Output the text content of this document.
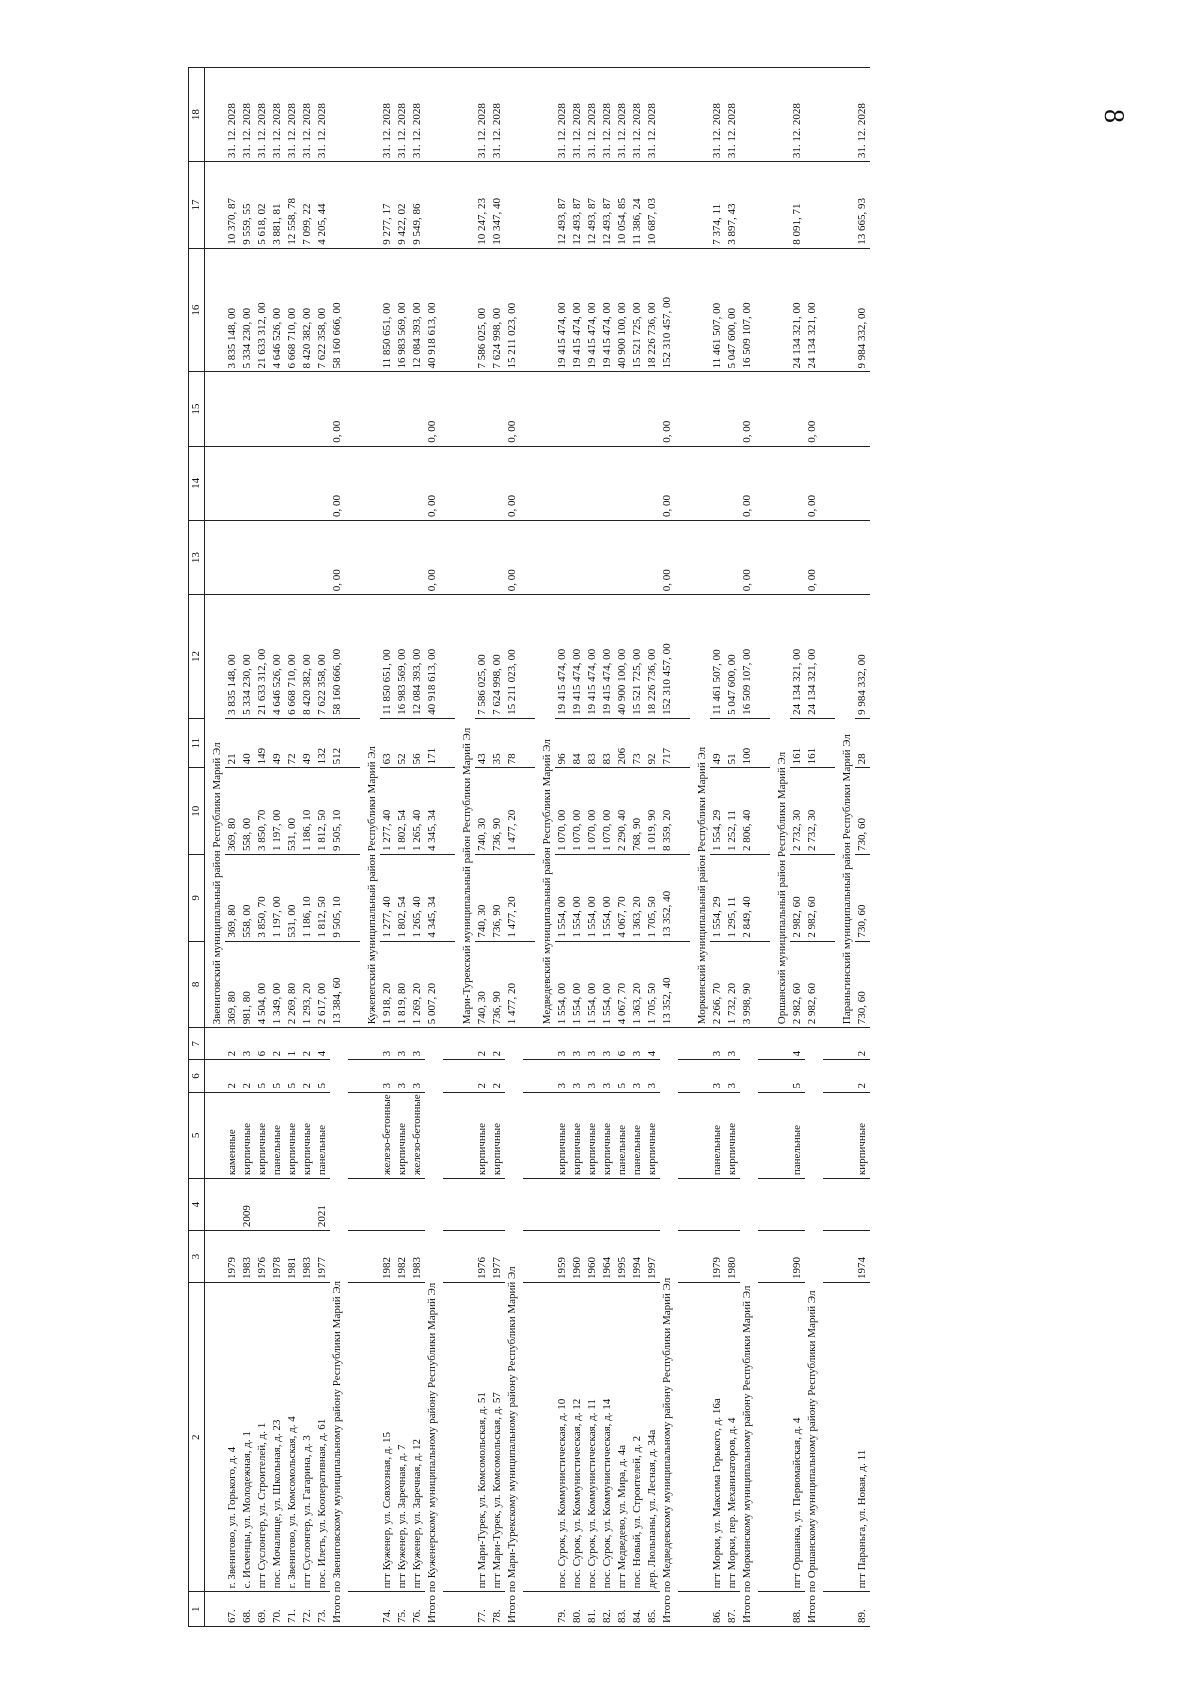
8
1	2	3	4	5	6	7	8	9	10	11	12	13	14	15	16	17	18
							Звениговский муниципальный район Республики Марий Эл										
67.	г. Звенигово, ул. Горького, д. 4	1979		каменные	2	2	369, 80	369, 80	369, 80	21	3 835 148, 00				3 835 148, 00	10 370, 87	31. 12. 2028
68.	с. Исменцы, ул. Молодежная, д. 1	1983	2009	кирпичные	2	3	981, 80	558, 00	558, 00	40	5 334 230, 00				5 334 230, 00	9 559, 55	31. 12. 2028
69.	пгт Суслонгер, ул. Строителей, д. 1	1976		кирпичные	5	6	4 504, 00	3 850, 70	3 850, 70	149	21 633 312, 00				21 633 312, 00	5 618, 02	31. 12. 2028
70.	пос. Мочалище, ул. Школьная, д. 23	1978		панельные	5	2	1 349, 00	1 197, 00	1 197, 00	49	4 646 526, 00				4 646 526, 00	3 881, 81	31. 12. 2028
71.	г. Звенигово, ул. Комсомольская, д. 4	1981		кирпичные	5	1	2 269, 80	531, 00	531, 00	72	6 668 710, 00				6 668 710, 00	12 558, 78	31. 12. 2028
72.	пгт Суслонгер, ул. Гагарина, д. 3	1983		кирпичные	2	2	1 293, 20	1 186, 10	1 186, 10	49	8 420 382, 00				8 420 382, 00	7 099, 22	31. 12. 2028
73.	пос. Илеть, ул. Кооперативная, д. 61	1977	2021	панельные	5	4	2 617, 00	1 812, 50	1 812, 50	132	7 622 358, 00				7 622 358, 00	4 205, 44	31. 12. 2028
Итого по Звениговскому муниципальному району Республики Марий Эл							13 384, 60	9 505, 10	9 505, 10	512	58 160 666, 00	0, 00	0, 00	0, 00	58 160 666, 00		

							Кужenerский муниципальный район Республики Марий Эл										
74.	пгт Куженер, ул. Совхозная, д. 15	1982		железо-бетонные	3	3	1 918, 20	1 277, 40	1 277, 40	63	11 850 651, 00				11 850 651, 00	9 277, 17	31. 12. 2028
75.	пгт Куженер, ул. Заречная, д. 7	1982		кирпичные	3	3	1 819, 80	1 802, 54	1 802, 54	52	16 983 569, 00				16 983 569, 00	9 422, 02	31. 12. 2028
76.	пгт Куженер, ул. Заречная, д. 12	1983		железо-бетонные	3	3	1 269, 20	1 265, 40	1 265, 40	56	12 084 393, 00				12 084 393, 00	9 549, 86	31. 12. 2028
Итого по Куженерскому муниципальному району Республики Марий Эл							5 007, 20	4 345, 34	4 345, 34	171	40 918 613, 00	0, 00	0, 00	0, 00	40 918 613, 00		

							Мари-Турекский муниципальный район Республики Марий Эл										
77.	пгт Мари-Турек, ул. Комсомольская, д. 51	1976		кирпичные	2	2	740, 30	740, 30	740, 30	43	7 586 025, 00				7 586 025, 00	10 247, 23	31. 12. 2028
78.	пгт Мари-Турек, ул. Комсомольская, д. 57	1977		кирпичные	2	2	736, 90	736, 90	736, 90	35	7 624 998, 00				7 624 998, 00	10 347, 40	31. 12. 2028
Итого по Мари-Турекскому муниципальному району Республики Марий Эл							1 477, 20	1 477, 20	1 477, 20	78	15 211 023, 00	0, 00	0, 00	0, 00	15 211 023, 00		

							Медведевский муниципальный район Республики Марий Эл										
79.	пос. Сурок, ул. Коммунистическая, д. 10	1959		кирпичные	3	3	1 554, 00	1 554, 00	1 070, 00	96	19 415 474, 00				19 415 474, 00	12 493, 87	31. 12. 2028
80.	пос. Сурок, ул. Коммунистическая, д. 12	1960		кирпичные	3	3	1 554, 00	1 554, 00	1 070, 00	84	19 415 474, 00				19 415 474, 00	12 493, 87	31. 12. 2028
81.	пос. Сурок, ул. Коммунистическая, д. 11	1960		кирпичные	3	3	1 554, 00	1 554, 00	1 070, 00	83	19 415 474, 00				19 415 474, 00	12 493, 87	31. 12. 2028
82.	пос. Сурок, ул. Коммунистическая, д. 14	1964		кирпичные	3	3	1 554, 00	1 554, 00	1 070, 00	83	19 415 474, 00				19 415 474, 00	12 493, 87	31. 12. 2028
83.	пгт Медведево, ул. Мира, д. 4а	1995		панельные	5	6	4 067, 70	4 067, 70	2 290, 40	206	40 900 100, 00				40 900 100, 00	10 054, 85	31. 12. 2028
84.	пос. Новый, ул. Строителей, д. 2	1994		панельные	3	3	1 363, 20	1 363, 20	768, 90	73	15 521 725, 00				15 521 725, 00	11 386, 24	31. 12. 2028
85.	дер. Люльпаны, ул. Лесная, д. 34а	1997		кирпичные	3	4	1 705, 50	1 705, 50	1 019, 90	92	18 226 736, 00				18 226 736, 00	10 687, 03	31. 12. 2028
Итого по Медведевскому муниципальному району Республики Марий Эл							13 352, 40	13 352, 40	8 359, 20	717	152 310 457, 00	0, 00	0, 00	0, 00	152 310 457, 00		

							Моркинский муниципальный район Республики Марий Эл										
86.	пгт Морки, ул. Максима Горького, д. 16а	1979		панельные	3	3	2 266, 70	1 554, 29	1 554, 29	49	11 461 507, 00				11 461 507, 00	7 374, 11	31. 12. 2028
87.	пгт Морки, пер. Механизаторов, д. 4	1980		кирпичные	3	3	1 732, 20	1 295, 11	1 252, 11	51	5 047 600, 00				5 047 600, 00	3 897, 43	31. 12. 2028
Итого по Моркинскому муниципальному району Республики Марий Эл							3 998, 90	2 849, 40	2 806, 40	100	16 509 107, 00	0, 00	0, 00	0, 00	16 509 107, 00		

							Оршанский муниципальный район Республики Марий Эл										
88.	пгт Оршанка, ул. Первомайская, д. 4	1990		панельные	5	4	2 982, 60	2 982, 60	2 732, 30	161	24 134 321, 00				24 134 321, 00	8 091, 71	31. 12. 2028
Итого по Оршанскому муниципальному району Республики Марий Эл							2 982, 60	2 982, 60	2 732, 30	161	24 134 321, 00	0, 00	0, 00	0, 00	24 134 321, 00		

							Параньгинский муниципальный район Республики Марий Эл										
89.	пгт Параньга, ул. Новая, д. 11	1974		кирпичные	2	2	730, 60	730, 60	730, 60	28	9 984 332, 00				9 984 332, 00	13 665, 93	31. 12. 2028
